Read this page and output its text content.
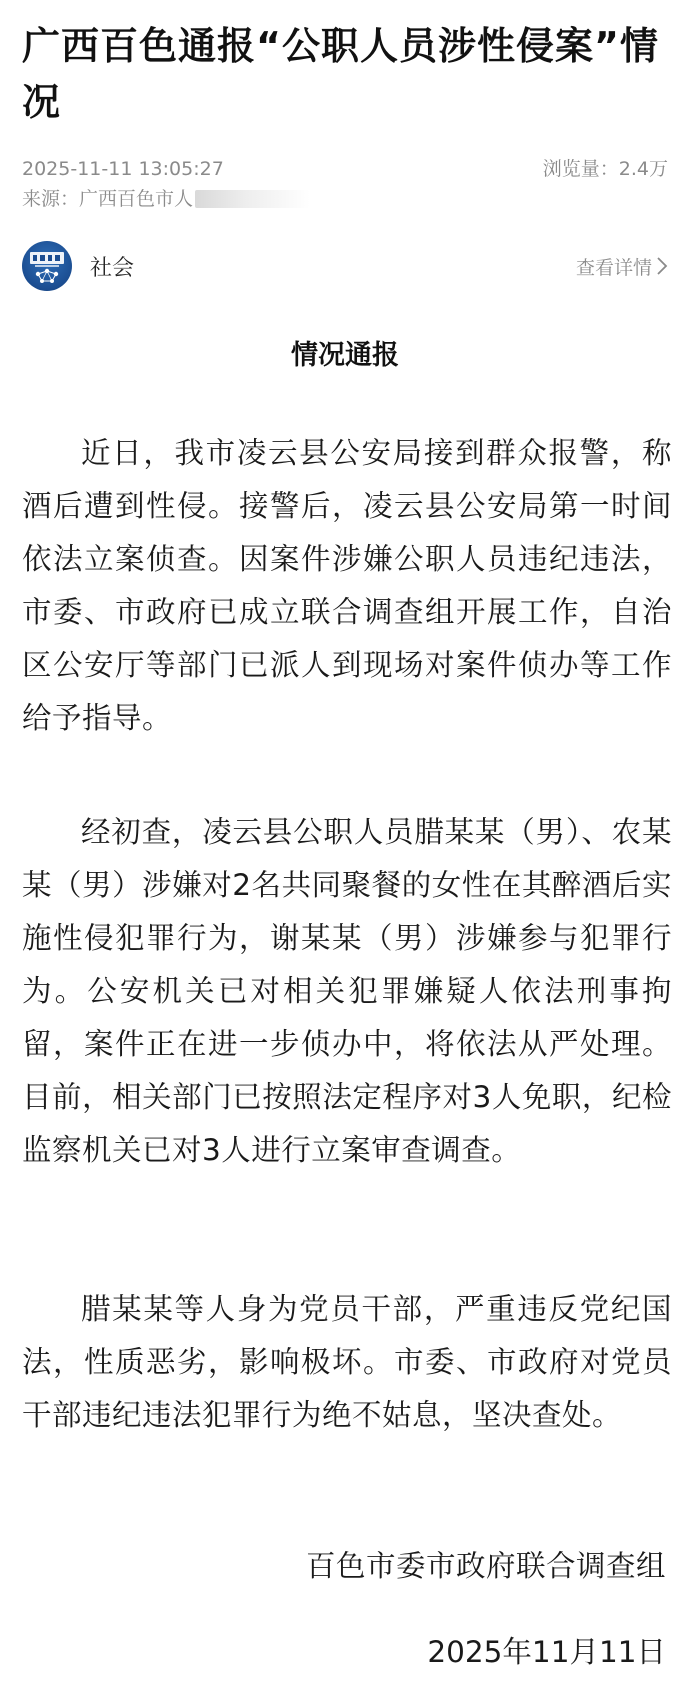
广西百色通报“公职人员涉性侵案”情况
2025-11-11 13:05:27	浏览量：2.4万
来源：广西百色市人
社会	查看详情
情况通报

近日，我市凌云县公安局接到群众报警，称酒后遭到性侵。接警后，凌云县公安局第一时间依法立案侦查。因案件涉嫌公职人员违纪违法，市委、市政府已成立联合调查组开展工作，自治区公安厅等部门已派人到现场对案件侦办等工作给予指导。

经初查，凌云县公职人员腊某某（男）、农某某（男）涉嫌对2名共同聚餐的女性在其醉酒后实施性侵犯罪行为，谢某某（男）涉嫌参与犯罪行为。公安机关已对相关犯罪嫌疑人依法刑事拘留，案件正在进一步侦办中，将依法从严处理。目前，相关部门已按照法定程序对3人免职，纪检监察机关已对3人进行立案审查调查。

腊某某等人身为党员干部，严重违反党纪国法，性质恶劣，影响极坏。市委、市政府对党员干部违纪违法犯罪行为绝不姑息，坚决查处。

百色市委市政府联合调查组

2025年11月11日
